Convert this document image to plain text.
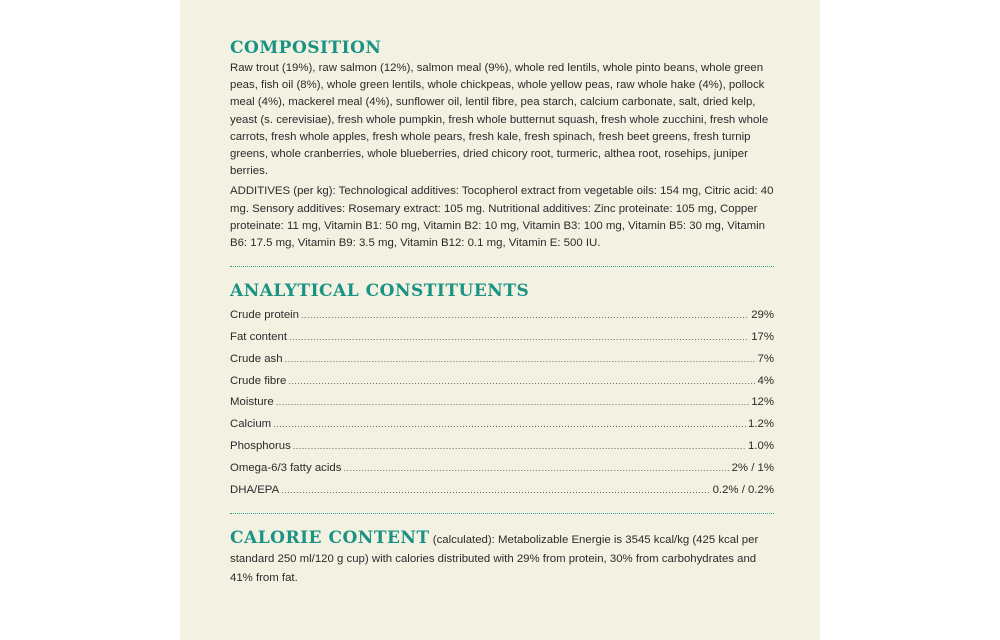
COMPOSITION

Raw trout (19%), raw salmon (12%), salmon meal (9%), whole red lentils, whole pinto beans, whole green peas, fish oil (8%), whole green lentils, whole chickpeas, whole yellow peas, raw whole hake (4%), pollock meal (4%), mackerel meal (4%), sunflower oil, lentil fibre, pea starch, calcium carbonate, salt, dried kelp, yeast (s. cerevisiae), fresh whole pumpkin, fresh whole butternut squash, fresh whole zucchini, fresh whole carrots, fresh whole apples, fresh whole pears, fresh kale, fresh spinach, fresh beet greens, fresh turnip greens, whole cranberries, whole blueberries, dried chicory root, turmeric, althea root, rosehips, juniper berries.

ADDITIVES (per kg): Technological additives: Tocopherol extract from vegetable oils: 154 mg, Citric acid: 40 mg. Sensory additives: Rosemary extract: 105 mg. Nutritional additives: Zinc proteinate: 105 mg, Copper proteinate: 11 mg, Vitamin B1: 50 mg, Vitamin B2: 10 mg, Vitamin B3: 100 mg, Vitamin B5: 30 mg, Vitamin B6: 17.5 mg, Vitamin B9: 3.5 mg, Vitamin B12: 0.1 mg, Vitamin E: 500 IU.

ANALYTICAL CONSTITUENTS
Crude protein .....	29%
Fat content .....	17%
Crude ash .....	7%
Crude fibre .....	4%
Moisture .....	12%
Calcium .....	1.2%
Phosphorus .....	1.0%
Omega-6/3 fatty acids .....	2% / 1%
DHA/EPA .....	0.2% / 0.2%
CALORIE CONTENT (calculated): Metabolizable Energie is 3545 kcal/kg (425 kcal per standard 250 ml/120 g cup) with calories distributed with 29% from protein, 30% from carbohydrates and 41% from fat.
